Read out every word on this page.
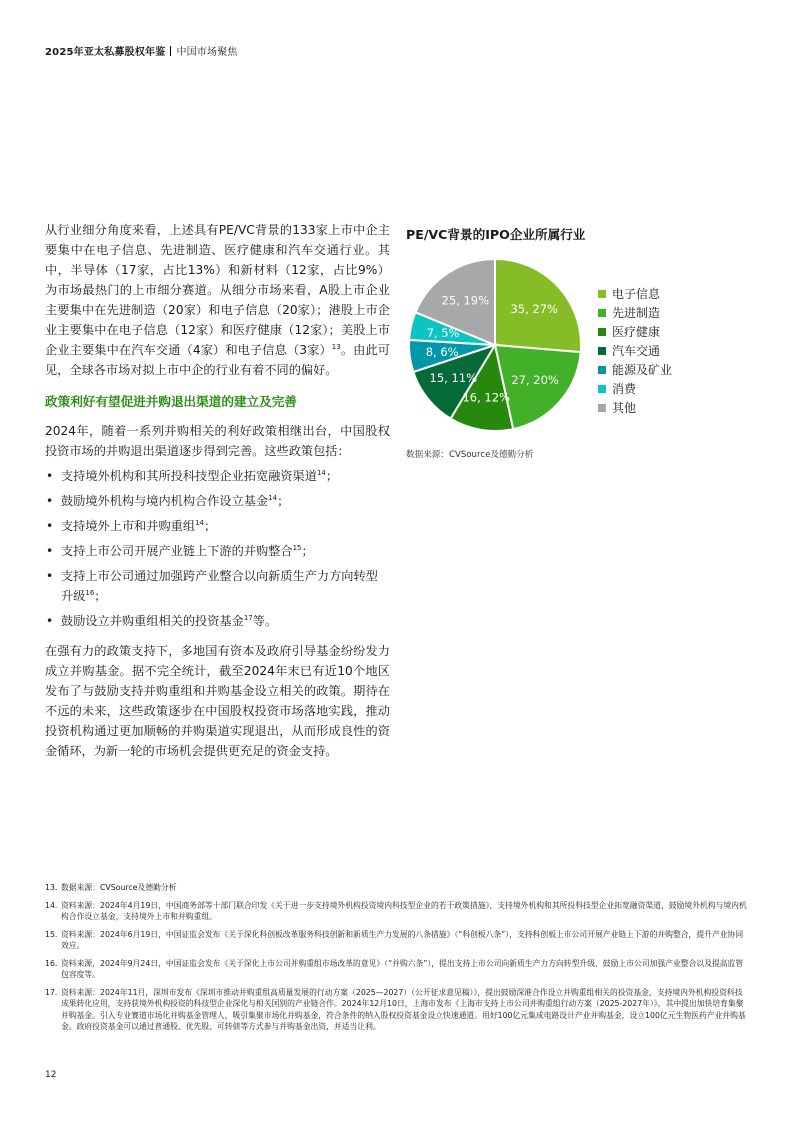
2025年亚太私募股权年鉴 中国市场聚焦

从行业细分角度来看，上述具有PE/VC背景的133家上市中企主要集中在电子信息、先进制造、医疗健康和汽车交通行业。其中，半导体（17家，占比13%）和新材料（12家，占比9%）为市场最热门的上市细分赛道。从细分市场来看，A股上市企业主要集中在先进制造（20家）和电子信息（20家）；港股上市企业主要集中在电子信息（12家）和医疗健康（12家）；美股上市企业主要集中在汽车交通（4家）和电子信息（3家）$^{13}$。由此可见，全球各市场对拟上市中企的行业有着不同的偏好。

政策利好有望促进并购退出渠道的建立及完善

2024年，随着一系列并购相关的利好政策相继出台，中国股权投资市场的并购退出渠道逐步得到完善。这些政策包括：

• 支持境外机构和其所投科技型企业拓宽融资渠道$^{14}$；
• 鼓励境外机构与境内机构合作设立基金$^{14}$；
• 支持境外上市和并购重组$^{14}$；
• 支持上市公司开展产业链上下游的并购整合$^{15}$；
• 支持上市公司通过加强跨产业整合以向新质生产力方向转型升级$^{16}$；
• 鼓励设立并购重组相关的投资基金$^{17}$等。

在强有力的政策支持下，多地国有资本及政府引导基金纷纷发力成立并购基金。据不完全统计，截至2024年末已有近10个地区发布了与鼓励支持并购重组和并购基金设立相关的政策。期待在不远的未来，这些政策逐步在中国股权投资市场落地实践，推动投资机构通过更加顺畅的并购渠道实现退出，从而形成良性的资金循环，为新一轮的市场机会提供更充足的资金支持。

PE/VC背景的IPO企业所属行业
35, 27%
27, 20%
16, 12%
15, 11%
8, 6%
7, 5%
25, 19%	电子信息
先进制造
医疗健康
汽车交通
能源及矿业
消费
其他
数据来源：CVSource及德勤分析
13. 数据来源：CVSource及德勤分析
14. 资料来源：2024年4月19日，中国商务部等十部门联合印发《关于进一步支持境外机构投资境内科技型企业的若干政策措施》，支持境外机构和其所投科技型企业拓宽融资渠道，鼓励境外机构与境内机构合作设立基金，支持境外上市和并购重组。
15. 资料来源：2024年6月19日，中国证监会发布《关于深化科创板改革服务科技创新和新质生产力发展的八条措施》（“科创板八条”），支持科创板上市公司开展产业链上下游的并购整合，提升产业协同效应。
16. 资料来源，2024年9月24日，中国证监会发布《关于深化上市公司并购重组市场改革的意见》（“并购六条”），提出支持上市公司向新质生产力方向转型升级、鼓励上市公司加强产业整合以及提高监管包容度等。
17. 资料来源：2024年11月，深圳市发布《深圳市推动并购重组高质量发展的行动方案（2025—2027）（公开征求意见稿）》，提出鼓励深港合作设立并购重组相关的投资基金，支持境内外机构投资科技成果转化应用，支持获境外机构投资的科技型企业深化与相关国别的产业链合作。2024年12月10日，上海市发布《上海市支持上市公司并购重组行动方案（2025-2027年）》，其中提出加快培育集聚并购基金。引入专业赛道市场化并购基金管理人，吸引集聚市场化并购基金，符合条件的纳入股权投资基金设立快速通道。用好100亿元集成电路设计产业并购基金，设立100亿元生物医药产业并购基金。政府投资基金可以通过普通股、优先股、可转债等方式参与并购基金出资，并适当让利。
12
